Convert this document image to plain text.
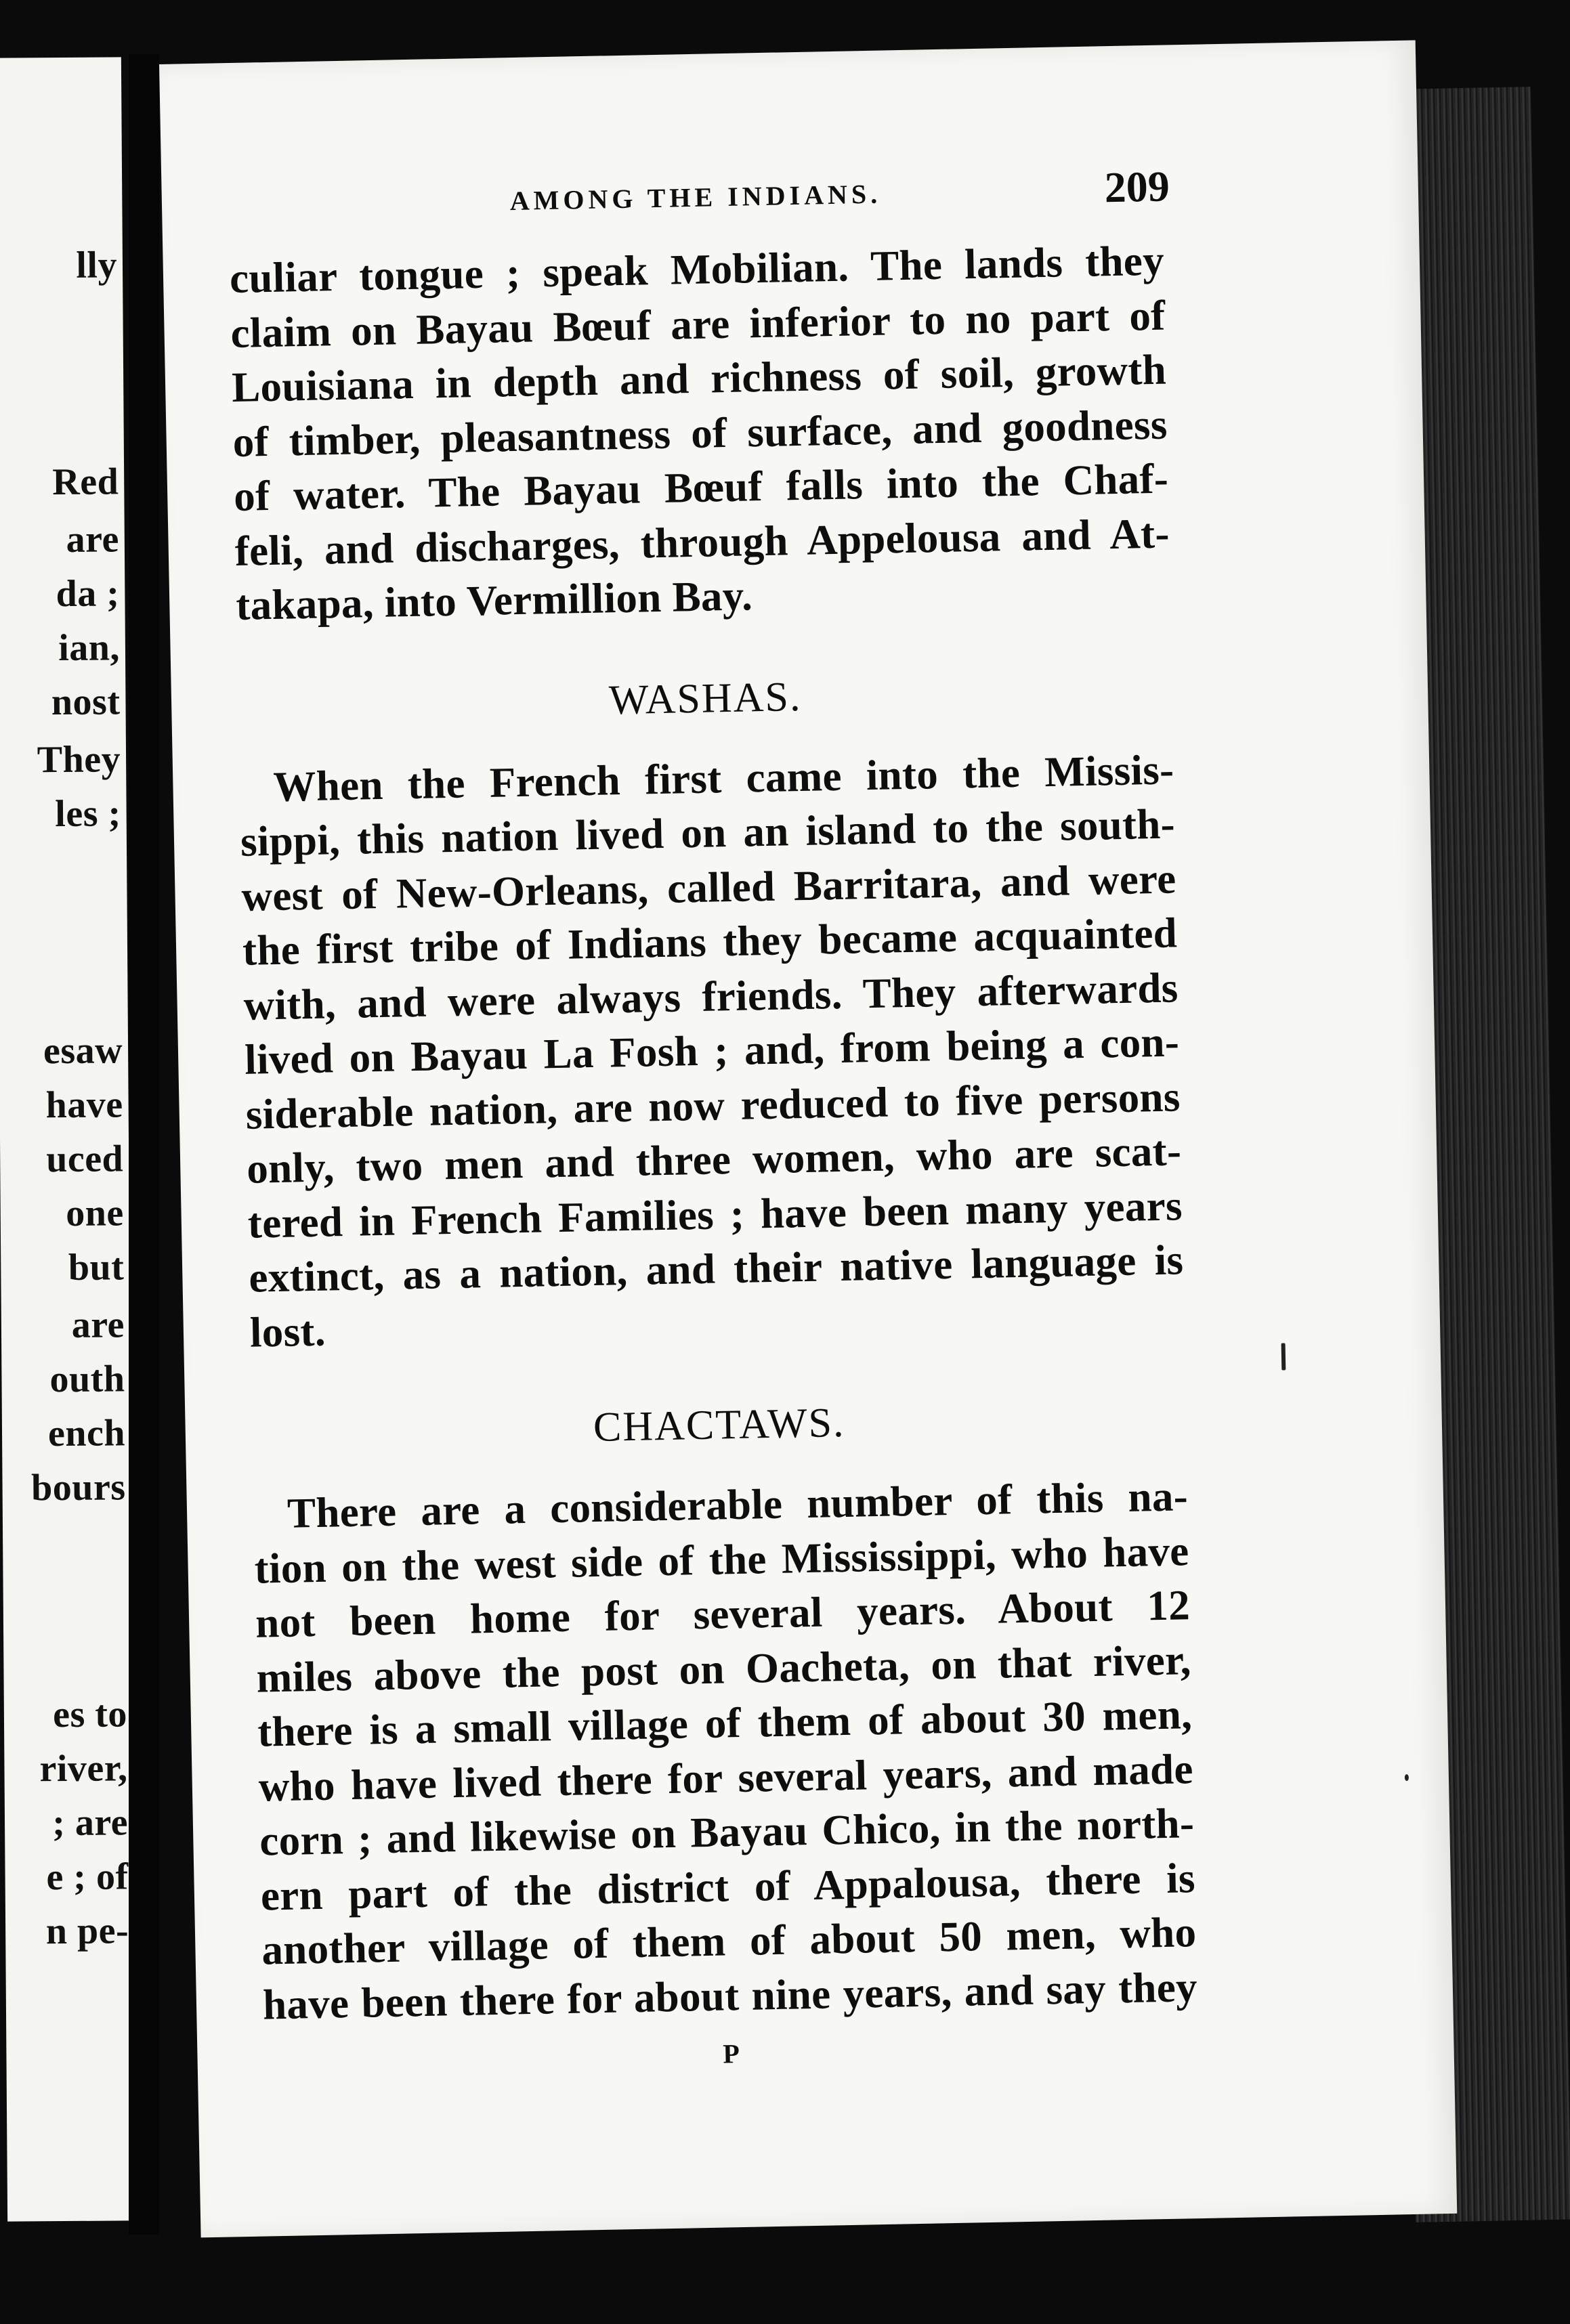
lly
Red
are
da ;
ian,
nost
They
les ;
esaw
have
uced
one
but
are
outh
ench
bours
es to
river,
; are
e ; of
n pe-
AMONG THE INDIANS.	209
culiar tongue ; speak Mobilian. The lands they
claim on Bayau Bœuf are inferior to no part of
Louisiana in depth and richness of soil, growth
of timber, pleasantness of surface, and goodness
of water. The Bayau Bœuf falls into the Chaf-
feli, and discharges, through Appelousa and At-
takapa, into Vermillion Bay.
WASHAS.
When the French first came into the Missis-
sippi, this nation lived on an island to the south-
west of New-Orleans, called Barritara, and were
the first tribe of Indians they became acquainted
with, and were always friends. They afterwards
lived on Bayau La Fosh ; and, from being a con-
siderable nation, are now reduced to five persons
only, two men and three women, who are scat-
tered in French Families ; have been many years
extinct, as a nation, and their native language is
lost.
CHACTAWS.
There are a considerable number of this na-
tion on the west side of the Mississippi, who have
not been home for several years. About 12
miles above the post on Oacheta, on that river,
there is a small village of them of about 30 men,
who have lived there for several years, and made
corn ; and likewise on Bayau Chico, in the north-
ern part of the district of Appalousa, there is
another village of them of about 50 men, who
have been there for about nine years, and say they
P
